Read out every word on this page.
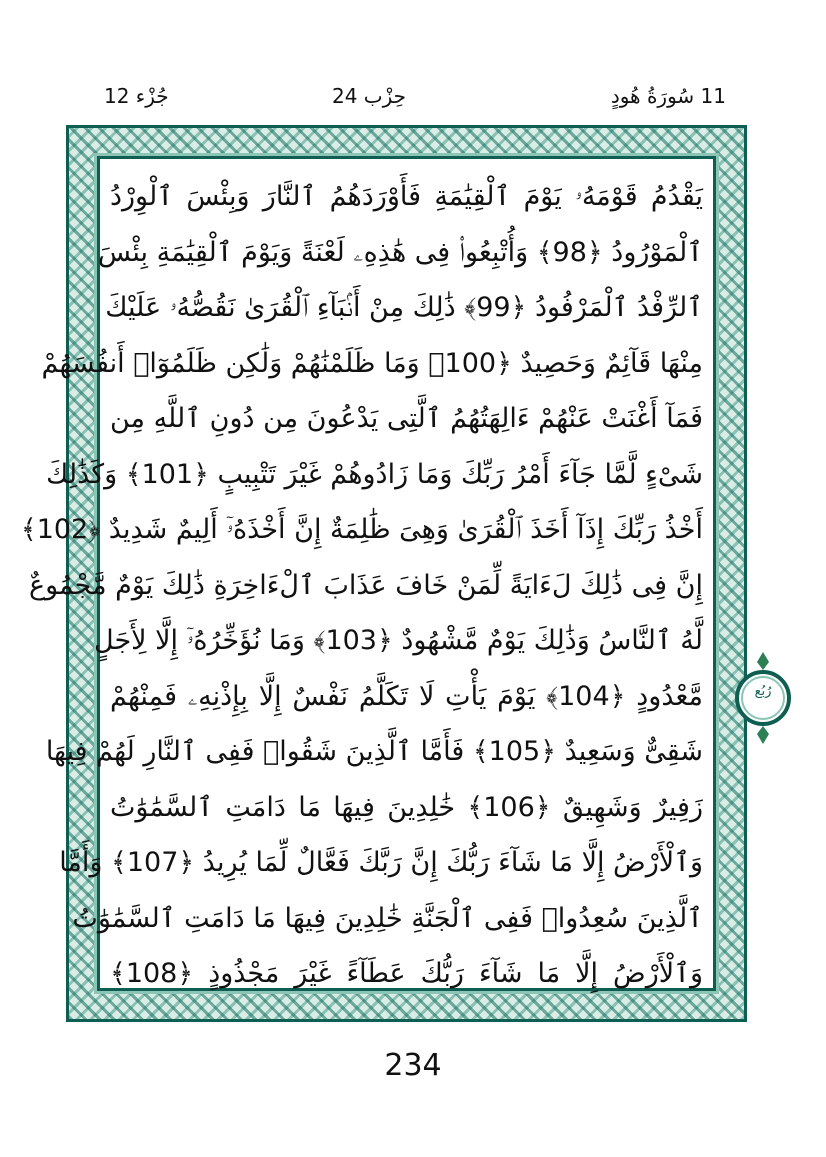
جُزْء 12	حِزْب 24	11 سُورَةُ هُودٍ
يَقْدُمُ قَوْمَهُۥ يَوْمَ ٱلْقِيَٰمَةِ فَأَوْرَدَهُمُ ٱلنَّارَ وَبِئْسَ ٱلْوِرْدُ
ٱلْمَوْرُودُ ﴿98﴾ وَأُتْبِعُوا۟ فِى هَٰذِهِۦ لَعْنَةً وَيَوْمَ ٱلْقِيَٰمَةِ بِئْسَ
ٱلرِّفْدُ ٱلْمَرْفُودُ ﴿99﴾ ذَٰلِكَ مِنْ أَنۢبَآءِ ٱلْقُرَىٰ نَقُصُّهُۥ عَلَيْكَ
مِنْهَا قَآئِمٌ وَحَصِيدٌ ﴿100﴾ وَمَا ظَلَمْنَٰهُمْ وَلَٰكِن ظَلَمُوٓا۟ أَنفُسَهُمْ
فَمَآ أَغْنَتْ عَنْهُمْ ءَالِهَتُهُمُ ٱلَّتِى يَدْعُونَ مِن دُونِ ٱللَّهِ مِن
شَىْءٍ لَّمَّا جَآءَ أَمْرُ رَبِّكَ وَمَا زَادُوهُمْ غَيْرَ تَتْبِيبٍ ﴿101﴾ وَكَذَٰلِكَ
أَخْذُ رَبِّكَ إِذَآ أَخَذَ ٱلْقُرَىٰ وَهِىَ ظَٰلِمَةٌ إِنَّ أَخْذَهُۥٓ أَلِيمٌ شَدِيدٌ ﴿102﴾
إِنَّ فِى ذَٰلِكَ لَءَايَةً لِّمَنْ خَافَ عَذَابَ ٱلْءَاخِرَةِ ذَٰلِكَ يَوْمٌ مَّجْمُوعٌ
لَّهُ ٱلنَّاسُ وَذَٰلِكَ يَوْمٌ مَّشْهُودٌ ﴿103﴾ وَمَا نُؤَخِّرُهُۥٓ إِلَّا لِأَجَلٍ
مَّعْدُودٍ ﴿104﴾ يَوْمَ يَأْتِ لَا تَكَلَّمُ نَفْسٌ إِلَّا بِإِذْنِهِۦ فَمِنْهُمْ
شَقِىٌّ وَسَعِيدٌ ﴿105﴾ فَأَمَّا ٱلَّذِينَ شَقُوا۟ فَفِى ٱلنَّارِ لَهُمْ فِيهَا
زَفِيرٌ وَشَهِيقٌ ﴿106﴾ خَٰلِدِينَ فِيهَا مَا دَامَتِ ٱلسَّمَٰوَٰتُ
وَٱلْأَرْضُ إِلَّا مَا شَآءَ رَبُّكَ إِنَّ رَبَّكَ فَعَّالٌ لِّمَا يُرِيدُ ﴿107﴾ وَأَمَّا
ٱلَّذِينَ سُعِدُوا۟ فَفِى ٱلْجَنَّةِ خَٰلِدِينَ فِيهَا مَا دَامَتِ ٱلسَّمَٰوَٰتُ
وَٱلْأَرْضُ إِلَّا مَا شَآءَ رَبُّكَ عَطَآءً غَيْرَ مَجْذُوذٍ ﴿108﴾
رُبُع
234
